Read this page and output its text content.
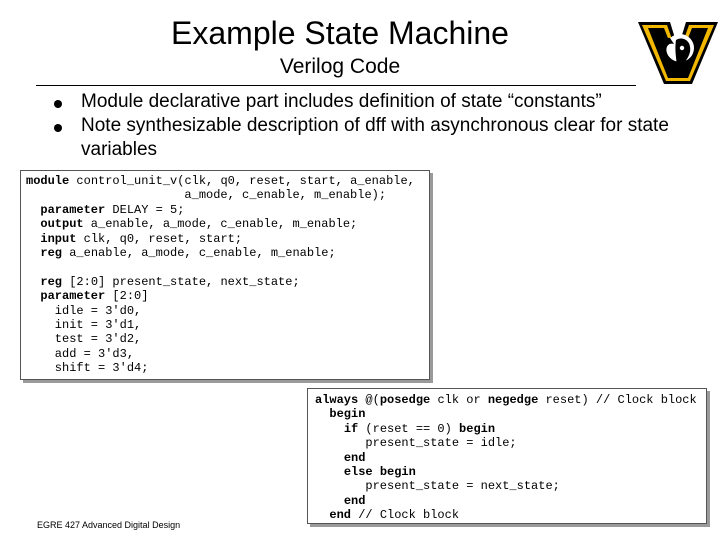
Example State Machine
Verilog Code
Module declarative part includes definition of state “constants”
Note synthesizable description of dff with asynchronous clear for state variables
module control_unit_v(clk, q0, reset, start, a_enable,
a_mode, c_enable, m_enable);
parameter DELAY = 5;
output a_enable, a_mode, c_enable, m_enable;
input clk, q0, reset, start;
reg a_enable, a_mode, c_enable, m_enable;

reg [2:0] present_state, next_state;
parameter [2:0]
idle = 3'd0,
init = 3'd1,
test = 3'd2,
add = 3'd3,
shift = 3'd4;
always @(posedge clk or negedge reset) // Clock block
begin
if (reset == 0) begin
present_state = idle;
end
else begin
present_state = next_state;
end
end // Clock block
EGRE 427 Advanced Digital Design
